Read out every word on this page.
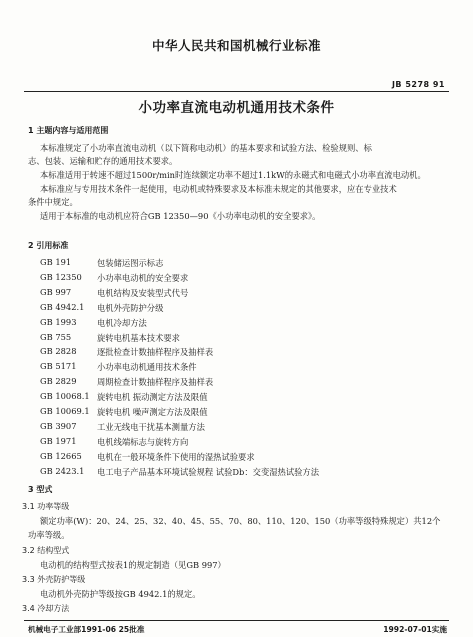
中华人民共和国机械行业标准
JB 5278 91
小功率直流电动机通用技术条件
1 主题内容与适用范围
本标准规定了小功率直流电动机（以下简称电动机）的基本要求和试验方法、检验规则、标
志、包装、运输和贮存的通用技术要求。
本标准适用于转速不超过1500r/min时连续额定功率不超过1.1kW的永磁式和电磁式小功率直流电动机。
本标准应与专用技术条件一起使用，电动机或特殊要求及本标准未规定的其他要求，应在专业技术
条件中规定。
适用于本标准的电动机应符合GB 12350—90《小功率电动机的安全要求》。
2 引用标准
GB 191	包装储运图示标志
GB 12350	小功率电动机的安全要求
GB 997	电机结构及安装型式代号
GB 4942.1	电机外壳防护分级
GB 1993	电机冷却方法
GB 755	旋转电机基本技术要求
GB 2828	逐批检查计数抽样程序及抽样表
GB 5171	小功率电动机通用技术条件
GB 2829	周期检查计数抽样程序及抽样表
GB 10068.1 旋转电机 振动测定方法及限值
GB 10069.1 旋转电机 噪声测定方法及限值
GB 3907	工业无线电干扰基本测量方法
GB 1971	电机线端标志与旋转方向
GB 12665	电机在一般环境条件下使用的湿热试验要求
GB 2423.1	电工电子产品基本环境试验规程 试验Db：交变湿热试验方法
3 型式
3.1 功率等级
额定功率(W)：20、24、25、32、40、45、55、70、80、110、120、150（功率等级特殊规定）共12个
功率等级。
3.2 结构型式
电动机的结构型式按表1的规定制造（见GB 997）
3.3 外壳防护等级
电动机外壳防护等级按GB 4942.1的规定。
3.4 冷却方法
机械电子工业部1991-06 25批准	1992-07-01实施
